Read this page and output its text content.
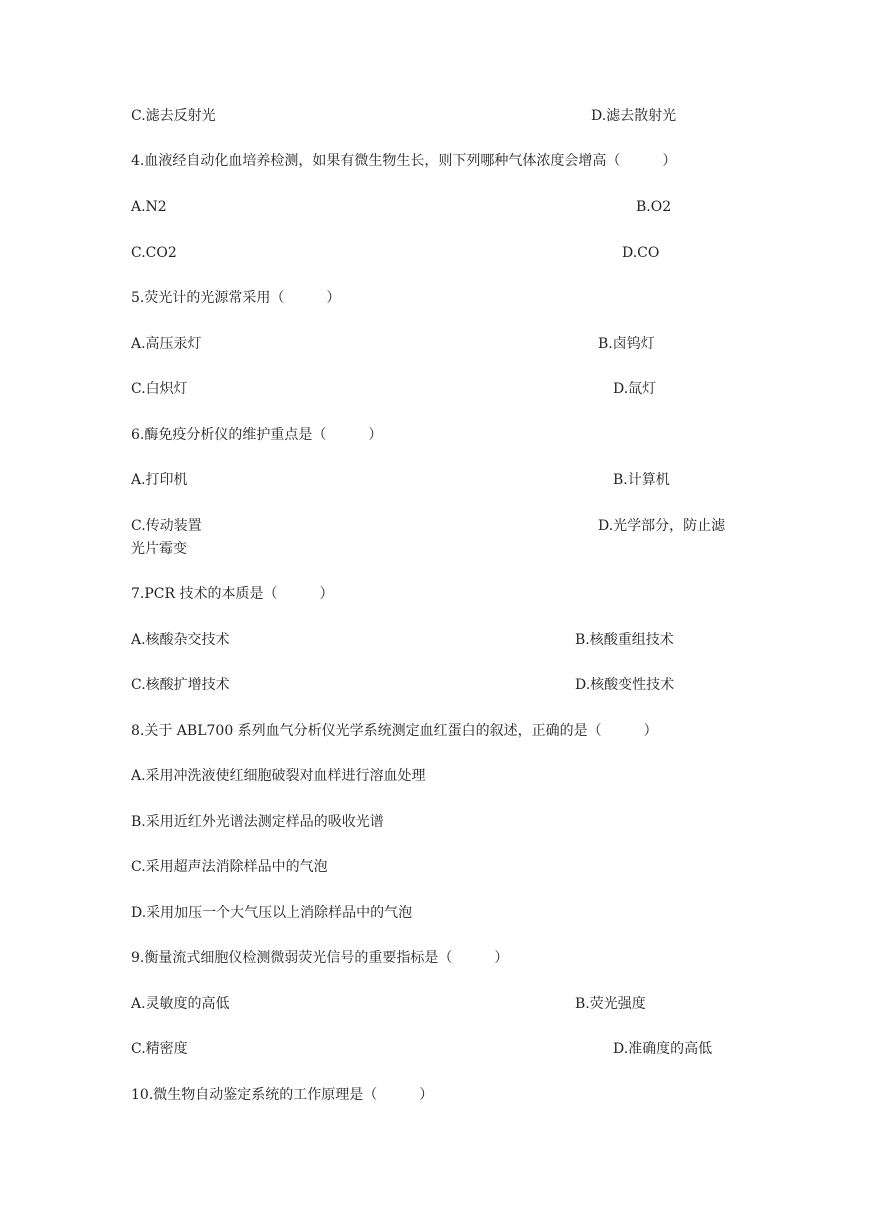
C.滤去反射光	D.滤去散射光
4.血液经自动化血培养检测，如果有微生物生长，则下列哪种气体浓度会增高（　　　）
A.N2	B.O2
C.CO2	D.CO
5.荧光计的光源常采用（　　　）
A.高压汞灯	B.卤钨灯
C.白炽灯	D.氙灯
6.酶免疫分析仪的维护重点是（　　　）
A.打印机	B.计算机
C.传动装置	D.光学部分，防止滤
光片霉变
7.PCR 技术的本质是（　　　）
A.核酸杂交技术	B.核酸重组技术
C.核酸扩增技术	D.核酸变性技术
8.关于 ABL700 系列血气分析仪光学系统测定血红蛋白的叙述，正确的是（　　　）
A.采用冲洗液使红细胞破裂对血样进行溶血处理
B.采用近红外光谱法测定样品的吸收光谱
C.采用超声法消除样品中的气泡
D.采用加压一个大气压以上消除样品中的气泡
9.衡量流式细胞仪检测微弱荧光信号的重要指标是（　　　）
A.灵敏度的高低	B.荧光强度
C.精密度	D.准确度的高低
10.微生物自动鉴定系统的工作原理是（　　　）
